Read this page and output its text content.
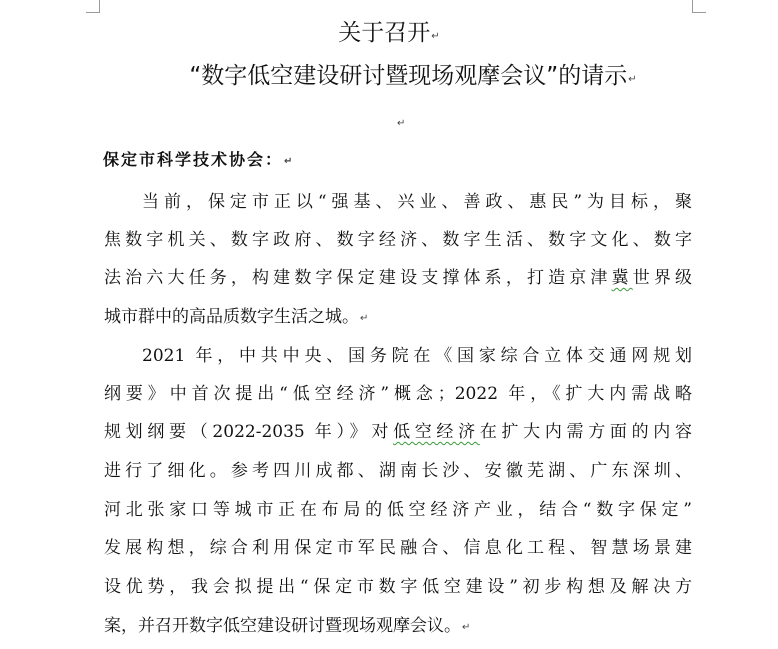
关于召开↵
“数字低空建设研讨暨现场观摩会议”的请示↵
↵
保定市科学技术协会：↵
当前，保定市正以“强基、兴业、善政、惠民”为目标，聚
焦数字机关、数字政府、数字经济、数字生活、数字文化、数字
法治六大任务，构建数字保定建设支撑体系，打造京津冀世界级
城市群中的高品质数字生活之城。↵
2021 年，中共中央、国务院在《国家综合立体交通网规划
纲要》中首次提出“低空经济”概念；2022 年，《扩大内需战略
规划纲要（2022-2035 年）》对低空经济在扩大内需方面的内容
进行了细化。参考四川成都、湖南长沙、安徽芜湖、广东深圳、
河北张家口等城市正在布局的低空经济产业，结合“数字保定”
发展构想，综合利用保定市军民融合、信息化工程、智慧场景建
设优势，我会拟提出“保定市数字低空建设”初步构想及解决方
案，并召开数字低空建设研讨暨现场观摩会议。↵
